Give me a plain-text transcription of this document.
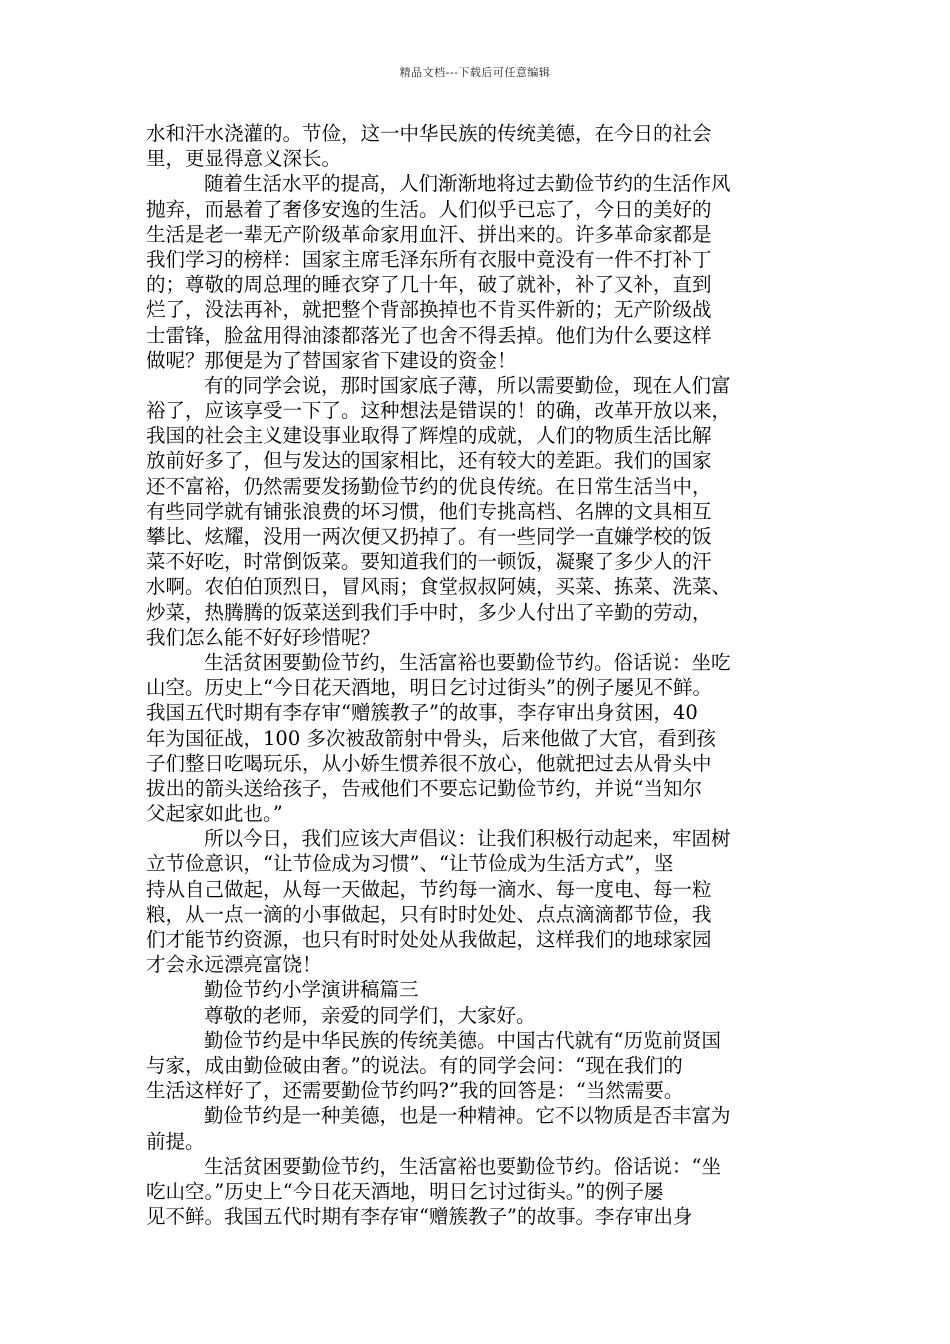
精品文档---下载后可任意编辑
水和汗水浇灌的。节俭，这一中华民族的传统美德，在今日的社会
里，更显得意义深长。
随着生活水平的提高，人们渐渐地将过去勤俭节约的生活作风
抛弃，而悬着了奢侈安逸的生活。人们似乎已忘了，今日的美好的
生活是老一辈无产阶级革命家用血汗、拼出来的。许多革命家都是
我们学习的榜样：国家主席毛泽东所有衣服中竟没有一件不打补丁
的；尊敬的周总理的睡衣穿了几十年，破了就补，补了又补，直到
烂了，没法再补，就把整个背部换掉也不肯买件新的；无产阶级战
士雷锋，脸盆用得油漆都落光了也舍不得丢掉。他们为什么要这样
做呢？那便是为了替国家省下建设的资金！
有的同学会说，那时国家底子薄，所以需要勤俭，现在人们富
裕了，应该享受一下了。这种想法是错误的！的确，改革开放以来，
我国的社会主义建设事业取得了辉煌的成就，人们的物质生活比解
放前好多了，但与发达的国家相比，还有较大的差距。我们的国家
还不富裕，仍然需要发扬勤俭节约的优良传统。在日常生活当中，
有些同学就有铺张浪费的坏习惯，他们专挑高档、名牌的文具相互
攀比、炫耀，没用一两次便又扔掉了。有一些同学一直嫌学校的饭
菜不好吃，时常倒饭菜。要知道我们的一顿饭，凝聚了多少人的汗
水啊。农伯伯顶烈日，冒风雨；食堂叔叔阿姨，买菜、拣菜、洗菜、
炒菜，热腾腾的饭菜送到我们手中时，多少人付出了辛勤的劳动，
我们怎么能不好好珍惜呢？
生活贫困要勤俭节约，生活富裕也要勤俭节约。俗话说：坐吃
山空。历史上“今日花天酒地，明日乞讨过街头”的例子屡见不鲜。
我国五代时期有李存审“赠簇教子”的故事，李存审出身贫困，40
年为国征战，100 多次被敌箭射中骨头，后来他做了大官，看到孩
子们整日吃喝玩乐，从小娇生惯养很不放心，他就把过去从骨头中
拔出的箭头送给孩子，告戒他们不要忘记勤俭节约，并说“当知尔
父起家如此也。”
所以今日，我们应该大声倡议：让我们积极行动起来，牢固树
立节俭意识，“让节俭成为习惯”、“让节俭成为生活方式”，坚
持从自己做起，从每一天做起，节约每一滴水、每一度电、每一粒
粮，从一点一滴的小事做起，只有时时处处、点点滴滴都节俭，我
们才能节约资源，也只有时时处处从我做起，这样我们的地球家园
才会永远漂亮富饶！
勤俭节约小学演讲稿篇三
尊敬的老师，亲爱的同学们，大家好。
勤俭节约是中华民族的传统美德。中国古代就有“历览前贤国
与家，成由勤俭破由奢。”的说法。有的同学会问：“现在我们的
生活这样好了，还需要勤俭节约吗?”我的回答是：“当然需要。
勤俭节约是一种美德，也是一种精神。它不以物质是否丰富为
前提。
生活贫困要勤俭节约，生活富裕也要勤俭节约。俗话说：“坐
吃山空。”历史上“今日花天酒地，明日乞讨过街头。”的例子屡
见不鲜。我国五代时期有李存审“赠簇教子”的故事。李存审出身
